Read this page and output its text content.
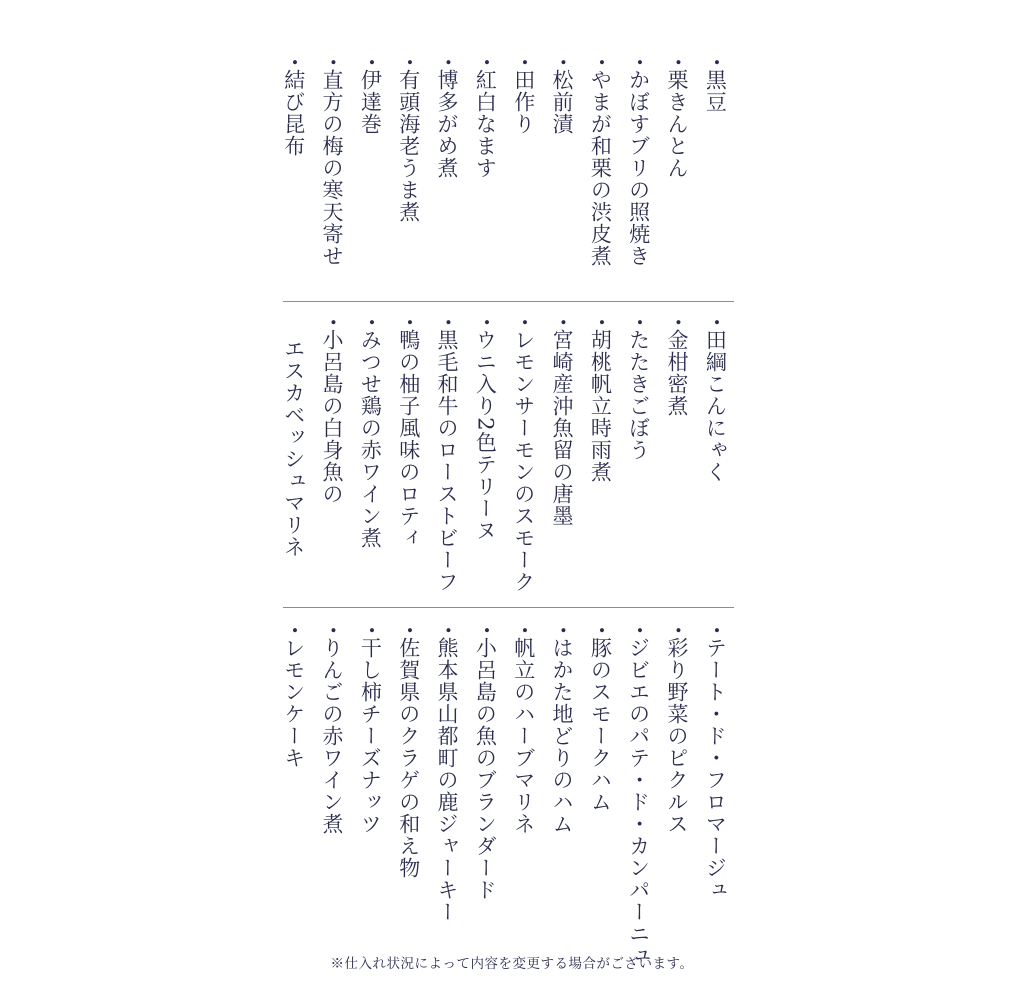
• 黒豆
• 栗きんとん
• かぼすブリの照焼き
• やまが和栗の渋皮煮
• 松前漬
• 田作り
• 紅白なます
• 博多がめ煮
• 有頭海老うま煮
• 伊達巻
• 直方の梅の寒天寄せ
• 結び昆布
• 田綱こんにゃく
• 金柑密煮
• たたきごぼう
• 胡桃帆立時雨煮
• 宮崎産沖魚留の唐墨
• レモンサーモンのスモーク
• ウニ入り2色テリーヌ
• 黒毛和牛のローストビーフ
• 鴨の柚子風味のロティ
• みつせ鶏の赤ワイン煮
• 小呂島の白身魚の
エスカベッシュマリネ
• テート・ド・フロマージュ
• 彩り野菜のピクルス
• ジビエのパテ・ド・カンパーニュ
• 豚のスモークハム
• はかた地どりのハム
• 帆立のハーブマリネ
• 小呂島の魚のブランダード
• 熊本県山都町の鹿ジャーキー
• 佐賀県のクラゲの和え物
• 干し柿チーズナッツ
• りんごの赤ワイン煮
• レモンケーキ
※仕入れ状況によって内容を変更する場合がございます。
